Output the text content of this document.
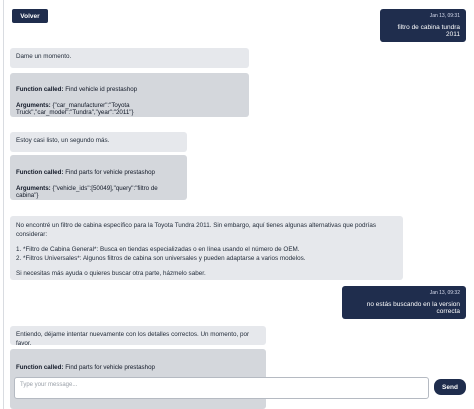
Volver	Jan 13, 09:31
filtro de cabina tundra 2011
Dame un momento.
Function called: Find vehicle id prestashop
Arguments: {"car_manufacturer":"Toyota Truck","car_model":"Tundra","year":"2011"}
Estoy casi listo, un segundo más.
Function called: Find parts for vehicle prestashop
Arguments: {"vehicle_ids":[50049],"query":"filtro de cabina"}

No encontré un filtro de cabina específico para la Toyota Tundra 2011. Sin embargo, aquí tienes algunas alternativas que podrías considerar:

1. *Filtro de Cabina General*: Busca en tiendas especializadas o en línea usando el número de OEM.
2. *Filtros Universales*: Algunos filtros de cabina son universales y pueden adaptarse a varios modelos.

Si necesitas más ayuda o quieres buscar otra parte, házmelo saber.

Jan 13, 09:32
no estás buscando en la version correcta
Entiendo, déjame intentar nuevamente con los detalles correctos. Un momento, por favor.
Function called: Find parts for vehicle prestashop
Type your message...
Send
